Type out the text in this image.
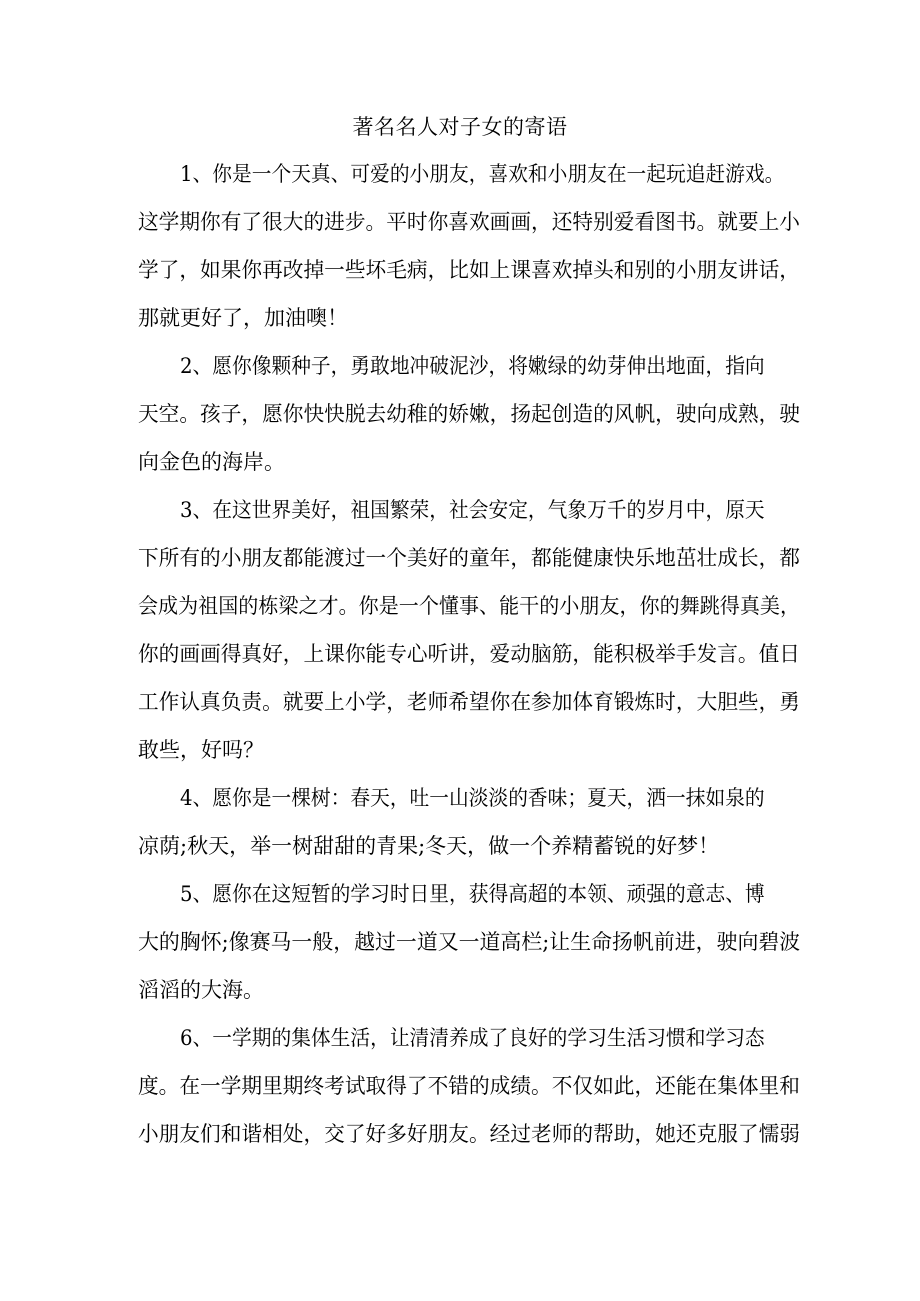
著名名人对子女的寄语

1、你是一个天真、可爱的小朋友，喜欢和小朋友在一起玩追赶游戏。

这学期你有了很大的进步。平时你喜欢画画，还特别爱看图书。就要上小

学了，如果你再改掉一些坏毛病，比如上课喜欢掉头和别的小朋友讲话，

那就更好了，加油噢！

2、愿你像颗种子，勇敢地冲破泥沙，将嫩绿的幼芽伸出地面，指向

天空。孩子，愿你快快脱去幼稚的娇嫩，扬起创造的风帆，驶向成熟，驶

向金色的海岸。

3、在这世界美好，祖国繁荣，社会安定，气象万千的岁月中，原天

下所有的小朋友都能渡过一个美好的童年，都能健康快乐地茁壮成长，都

会成为祖国的栋梁之才。你是一个懂事、能干的小朋友，你的舞跳得真美，

你的画画得真好，上课你能专心听讲，爱动脑筋，能积极举手发言。值日

工作认真负责。就要上小学，老师希望你在参加体育锻炼时，大胆些，勇

敢些，好吗？

4、愿你是一棵树：春天，吐一山淡淡的香味；夏天，洒一抹如泉的

凉荫;秋天，举一树甜甜的青果;冬天，做一个养精蓄锐的好梦！

5、愿你在这短暂的学习时日里，获得高超的本领、顽强的意志、博

大的胸怀;像赛马一般，越过一道又一道高栏;让生命扬帆前进，驶向碧波

滔滔的大海。

6、一学期的集体生活，让清清养成了良好的学习生活习惯和学习态

度。在一学期里期终考试取得了不错的成绩。不仅如此，还能在集体里和

小朋友们和谐相处，交了好多好朋友。经过老师的帮助，她还克服了懦弱
